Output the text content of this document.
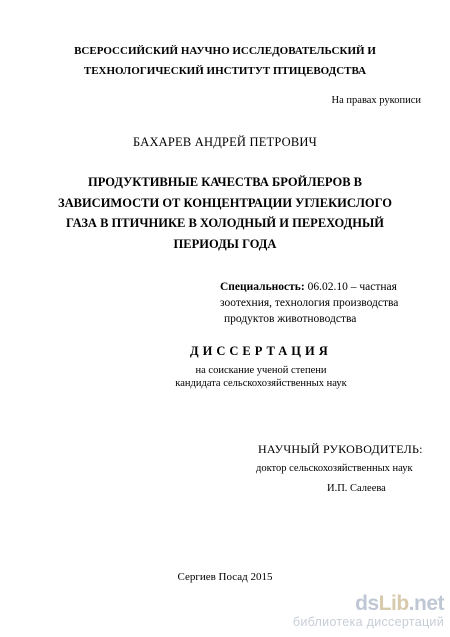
ВСЕРОССИЙСКИЙ НАУЧНО ИССЛЕДОВАТЕЛЬСКИЙ И
ТЕХНОЛОГИЧЕСКИЙ ИНСТИТУТ ПТИЦЕВОДСТВА
На правах рукописи
БАХАРЕВ АНДРЕЙ ПЕТРОВИЧ
ПРОДУКТИВНЫЕ КАЧЕСТВА БРОЙЛЕРОВ В
ЗАВИСИМОСТИ ОТ КОНЦЕНТРАЦИИ УГЛЕКИСЛОГО
ГАЗА В ПТИЧНИКЕ В ХОЛОДНЫЙ И ПЕРЕХОДНЫЙ
ПЕРИОДЫ ГОДА
Специальность: 06.02.10 – частная
зоотехния, технология производства
продуктов животноводства
ДИССЕРТАЦИЯ
на соискание ученой степени
кандидата сельскохозяйственных наук
НАУЧНЫЙ РУКОВОДИТЕЛЬ:
доктор сельскохозяйственных наук
И.П. Салеева
Сергиев Посад 2015
dsLib.net
библиотека диссертаций
